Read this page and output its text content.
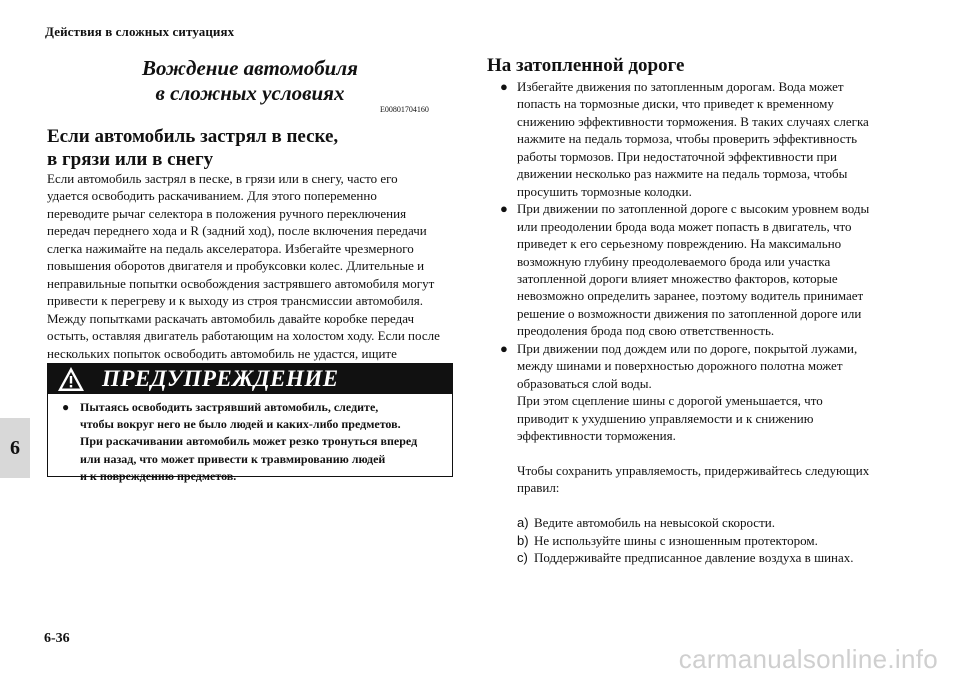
Действия в сложных ситуациях
6
Вождение автомобиля
в сложных условиях
E00801704160
Если автомобиль застрял в песке,
в грязи или в снегу
Если автомобиль застрял в песке, в грязи или в снегу, часто его
удается освободить раскачиванием. Для этого попеременно
переводите рычаг селектора в положения ручного переключения
передач переднего хода и R (задний ход), после включения передачи
слегка нажимайте на педаль акселератора. Избегайте чрезмерного
повышения оборотов двигателя и пробуксовки колес. Длительные и
неправильные попытки освобождения застрявшего автомобиля могут
привести к перегреву и к выходу из строя трансмиссии автомобиля.
Между попытками раскачать автомобиль давайте коробке передач
остыть, оставляя двигатель работающим на холостом ходу. Если после
нескольких попыток освободить автомобиль не удастся, ищите
ПРЕДУПРЕЖДЕНИЕ
● Пытаясь освободить застрявший автомобиль, следите,
чтобы вокруг него не было людей и каких-либо предметов.
При раскачивании автомобиль может резко тронуться вперед
или назад, что может привести к травмированию людей
и к повреждению предметов.
На затопленной дороге
● Избегайте движения по затопленным дорогам. Вода может
попасть на тормозные диски, что приведет к временному
снижению эффективности торможения. В таких случаях слегка
нажмите на педаль тормоза, чтобы проверить эффективность
работы тормозов. При недостаточной эффективности при
движении несколько раз нажмите на педаль тормоза, чтобы
просушить тормозные колодки.
● При движении по затопленной дороге с высоким уровнем воды
или преодолении брода вода может попасть в двигатель, что
приведет к его серьезному повреждению. На максимально
возможную глубину преодолеваемого брода или участка
затопленной дороги влияет множество факторов, которые
невозможно определить заранее, поэтому водитель принимает
решение о возможности движения по затопленной дороге или
преодоления брода под свою ответственность.
● При движении под дождем или по дороге, покрытой лужами,
между шинами и поверхностью дорожного полотна может
образоваться слой воды.
При этом сцепление шины с дорогой уменьшается, что
приводит к ухудшению управляемости и к снижению
эффективности торможения.
Чтобы сохранить управляемость, придерживайтесь следующих
правил:
a) Ведите автомобиль на невысокой скорости.
b) Не используйте шины с изношенным протектором.
c) Поддерживайте предписанное давление воздуха в шинах.
6-36
carmanualsonline.info
